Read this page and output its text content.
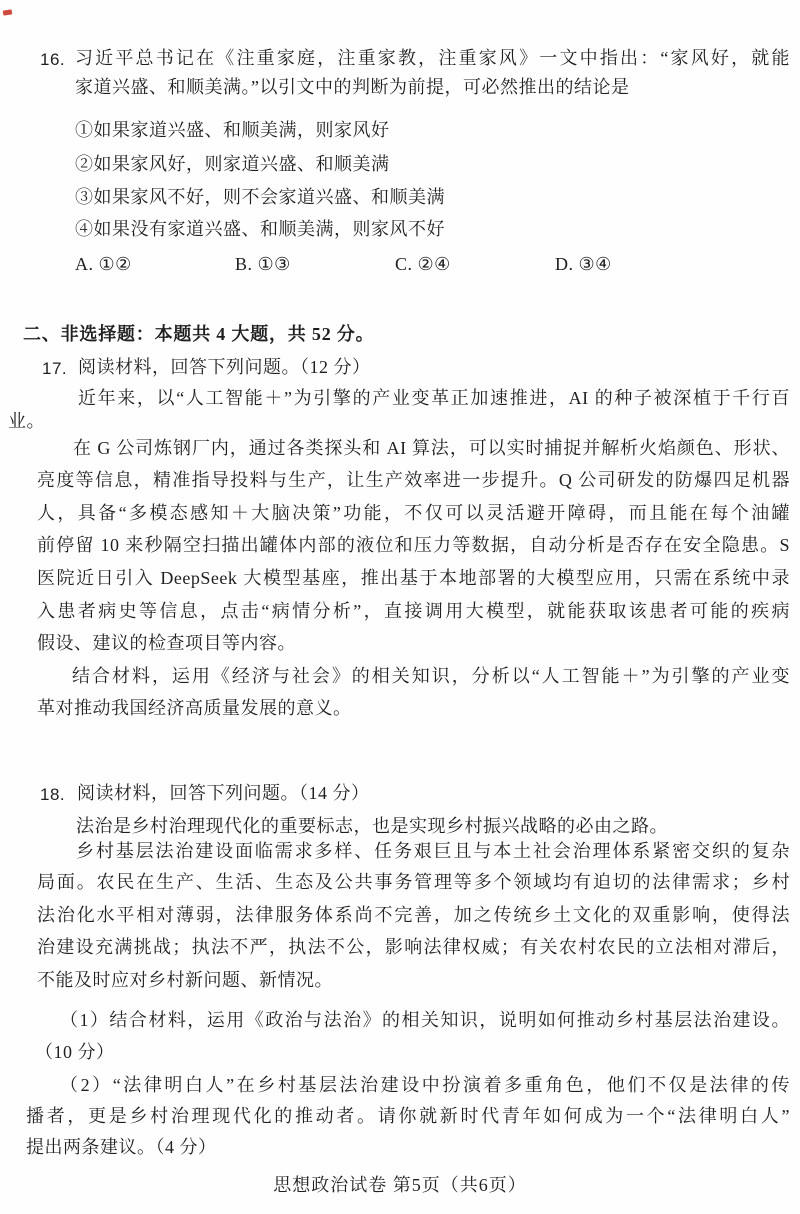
16. 习近平总书记在《注重家庭，注重家教，注重家风》一文中指出：“家风好，就能
家道兴盛、和顺美满。”以引文中的判断为前提，可必然推出的结论是
①如果家道兴盛、和顺美满，则家风好
②如果家风好，则家道兴盛、和顺美满
③如果家风不好，则不会家道兴盛、和顺美满
④如果没有家道兴盛、和顺美满，则家风不好
A. ①②	B. ①③	C. ②④	D. ③④
二、非选择题：本题共 4 大题，共 52 分。
17. 阅读材料，回答下列问题。（12 分）
近年来，以“人工智能＋”为引擎的产业变革正加速推进，AI 的种子被深植于千行百
业。
在 G 公司炼钢厂内，通过各类探头和 AI 算法，可以实时捕捉并解析火焰颜色、形状、
亮度等信息，精准指导投料与生产，让生产效率进一步提升。Q 公司研发的防爆四足机器
人，具备“多模态感知＋大脑决策”功能，不仅可以灵活避开障碍，而且能在每个油罐
前停留 10 来秒隔空扫描出罐体内部的液位和压力等数据，自动分析是否存在安全隐患。S
医院近日引入 DeepSeek 大模型基座，推出基于本地部署的大模型应用，只需在系统中录
入患者病史等信息，点击“病情分析”，直接调用大模型，就能获取该患者可能的疾病
假设、建议的检查项目等内容。
结合材料，运用《经济与社会》的相关知识，分析以“人工智能＋”为引擎的产业变
革对推动我国经济高质量发展的意义。
18. 阅读材料，回答下列问题。（14 分）
法治是乡村治理现代化的重要标志，也是实现乡村振兴战略的必由之路。
乡村基层法治建设面临需求多样、任务艰巨且与本土社会治理体系紧密交织的复杂
局面。农民在生产、生活、生态及公共事务管理等多个领域均有迫切的法律需求；乡村
法治化水平相对薄弱，法律服务体系尚不完善，加之传统乡土文化的双重影响，使得法
治建设充满挑战；执法不严，执法不公，影响法律权威；有关农村农民的立法相对滞后，
不能及时应对乡村新问题、新情况。
（1）结合材料，运用《政治与法治》的相关知识，说明如何推动乡村基层法治建设。
（10 分）
（2）“法律明白人”在乡村基层法治建设中扮演着多重角色，他们不仅是法律的传
播者，更是乡村治理现代化的推动者。请你就新时代青年如何成为一个“法律明白人”
提出两条建议。（4 分）
思想政治试卷 第5页（共6页）
